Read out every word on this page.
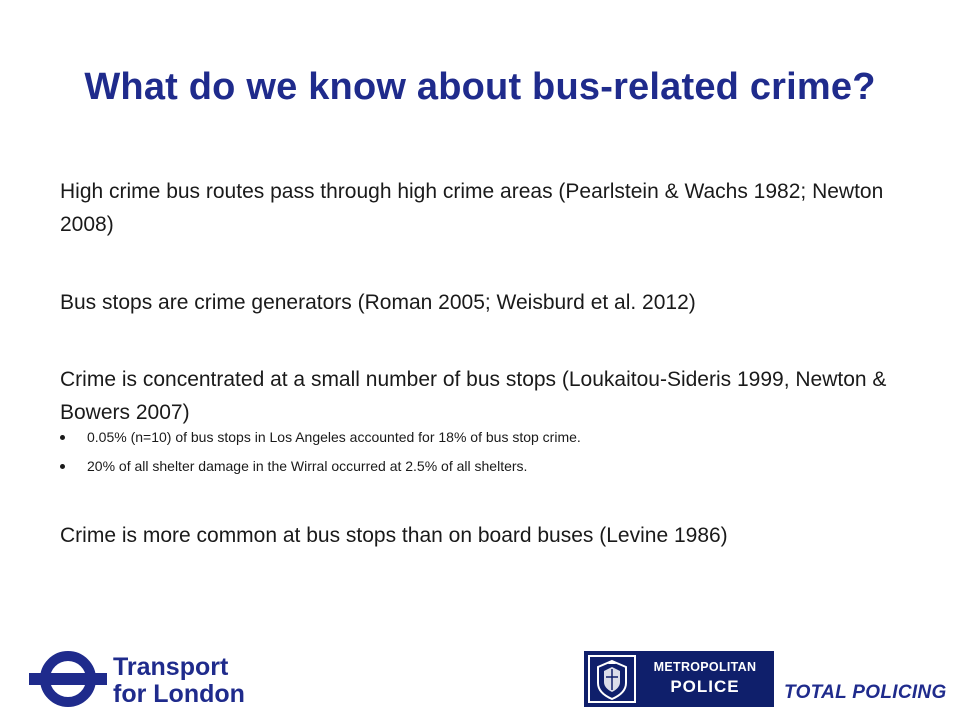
What do we know about bus-related crime?
High crime bus routes pass through high crime areas (Pearlstein & Wachs 1982; Newton 2008)
Bus stops are crime generators (Roman 2005; Weisburd et al. 2012)
Crime is concentrated at a small number of bus stops (Loukaitou-Sideris 1999, Newton & Bowers 2007)
0.05% (n=10) of bus stops in Los Angeles accounted for 18% of bus stop crime.
20% of all shelter damage in the Wirral occurred at 2.5% of all shelters.
Crime is more common at bus stops than on board buses (Levine 1986)
Transport
for London
METROPOLITAN
POLICE	TOTAL POLICING
